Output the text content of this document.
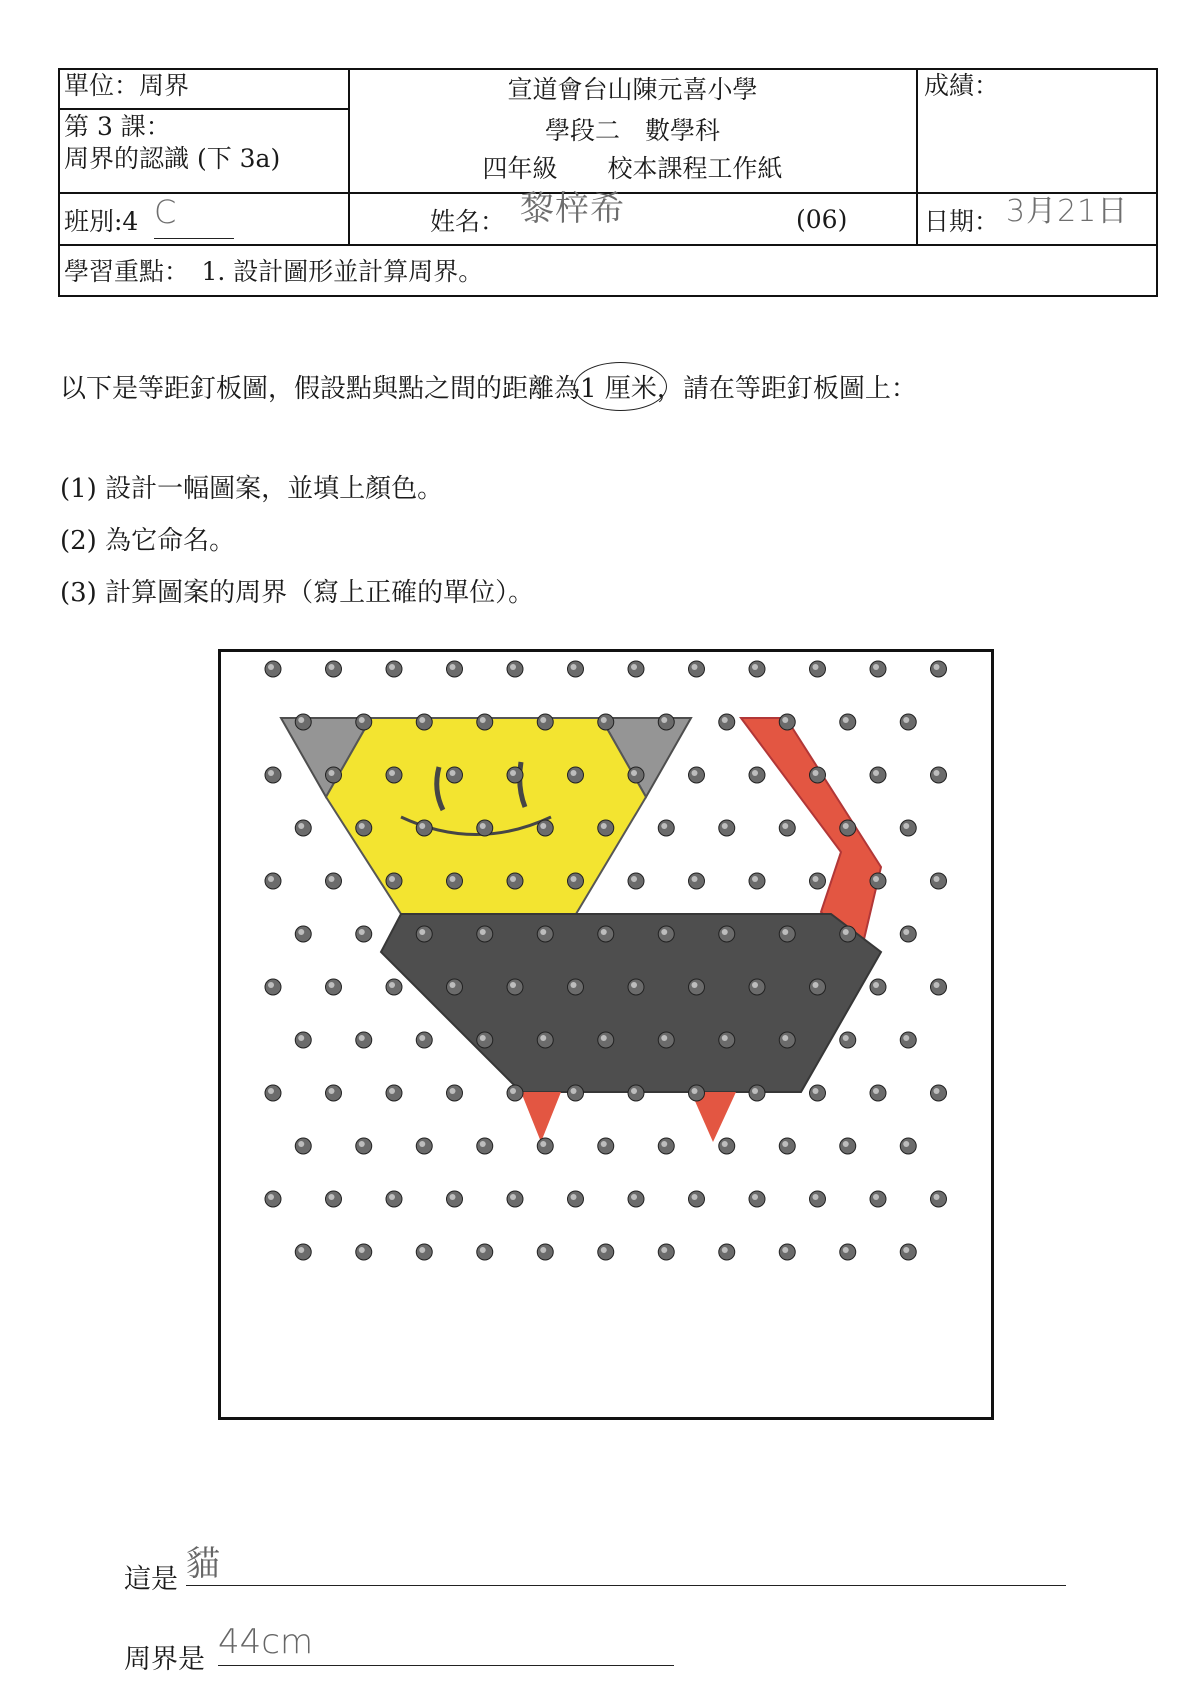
單位：周界
第 3 課：
周界的認識 (下 3a)
宣道會台山陳元喜小學
學段二　數學科
四年級　　校本課程工作紙
成績：
班別:4 C	姓名： 黎梓希	(06)	日期： 3月21日
學習重點：　1. 設計圖形並計算周界。
以下是等距釘板圖，假設點與點之間的距離為1 厘米，請在等距釘板圖上：
(1) 設計一幅圖案，並填上顏色。
(2) 為它命名。
(3) 計算圖案的周界（寫上正確的單位）。
這是 貓
周界是 44cm
